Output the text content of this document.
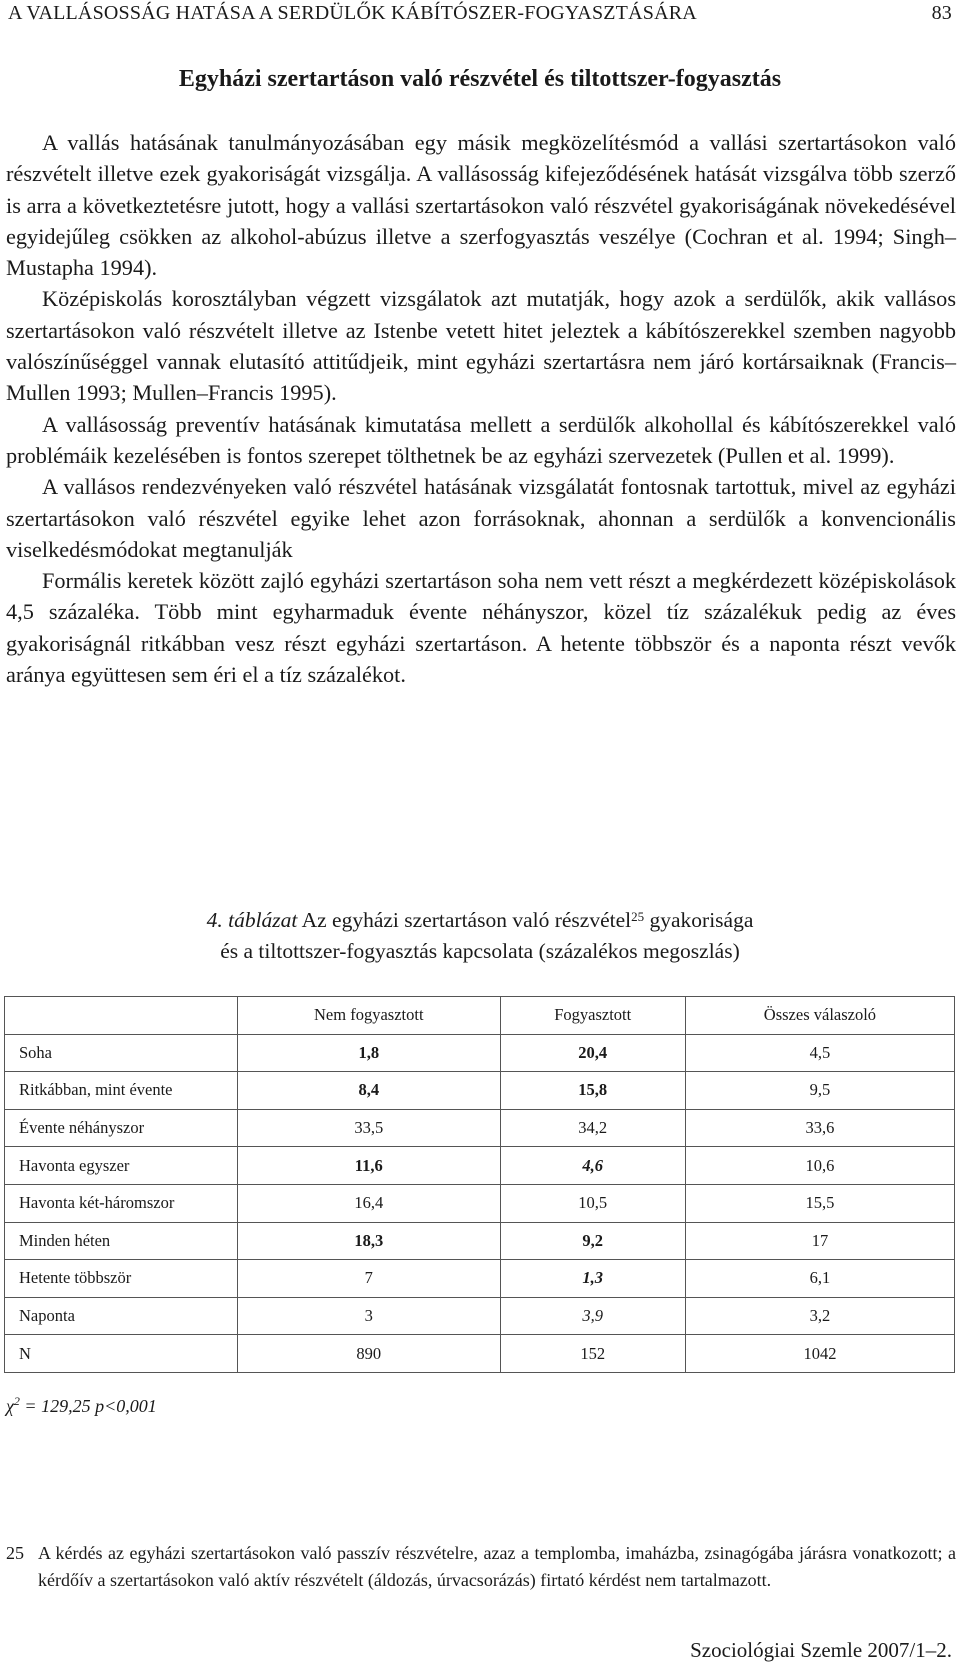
A VALLÁSOSSÁG HATÁSA A SERDÜLŐK KÁBÍTÓSZER-FOGYASZTÁSÁRA	83
Egyházi szertartáson való részvétel és tiltottszer-fogyasztás

A vallás hatásának tanulmányozásában egy másik megközelítésmód a vallási szertartásokon való részvételt illetve ezek gyakoriságát vizsgálja. A vallásosság kifejeződésének hatását vizsgálva több szerző is arra a következtetésre jutott, hogy a vallási szertartásokon való részvétel gyakoriságának növekedésével egyidejűleg csökken az alkohol-abúzus illetve a szerfogyasztás veszélye (Cochran et al. 1994; Singh–Mustapha 1994).

Középiskolás korosztályban végzett vizsgálatok azt mutatják, hogy azok a serdülők, akik vallásos szertartásokon való részvételt illetve az Istenbe vetett hitet jeleztek a kábítószerekkel szemben nagyobb valószínűséggel vannak elutasító attitűdjeik, mint egyházi szertartásra nem járó kortársaiknak (Francis–Mullen 1993; Mullen–Francis 1995).

A vallásosság preventív hatásának kimutatása mellett a serdülők alkohollal és kábítószerekkel való problémáik kezelésében is fontos szerepet tölthetnek be az egyházi szervezetek (Pullen et al. 1999).

A vallásos rendezvényeken való részvétel hatásának vizsgálatát fontosnak tartottuk, mivel az egyházi szertartásokon való részvétel egyike lehet azon forrásoknak, ahonnan a serdülők a konvencionális viselkedésmódokat megtanulják

Formális keretek között zajló egyházi szertartáson soha nem vett részt a megkérdezett középiskolások 4,5 százaléka. Több mint egyharmaduk évente néhányszor, közel tíz százalékuk pedig az éves gyakoriságnál ritkábban vesz részt egyházi szertartáson. A hetente többször és a naponta részt vevők aránya együttesen sem éri el a tíz százalékot.

4. táblázat Az egyházi szertartáson való részvétel$^{25}$ gyakorisága
és a tiltottszer-fogyasztás kapcsolata (százalékos megoszlás)
	Nem fogyasztott	Fogyasztott	Összes válaszoló
Soha	1,8	20,4	4,5
Ritkábban, mint évente	8,4	15,8	9,5
Évente néhányszor	33,5	34,2	33,6
Havonta egyszer	11,6	4,6	10,6
Havonta két-háromszor	16,4	10,5	15,5
Minden héten	18,3	9,2	17
Hetente többször	7	1,3	6,1
Naponta	3	3,9	3,2
N	890	152	1042
$\chi^2 = 129,25$ p<0,001
25 A kérdés az egyházi szertartásokon való passzív részvételre, azaz a templomba, imaházba, zsinagógába járásra vonatkozott; a kérdőív a szertartásokon való aktív részvételt (áldozás, úrvacsorázás) firtató kérdést nem tartalmazott.
Szociológiai Szemle 2007/1–2.
